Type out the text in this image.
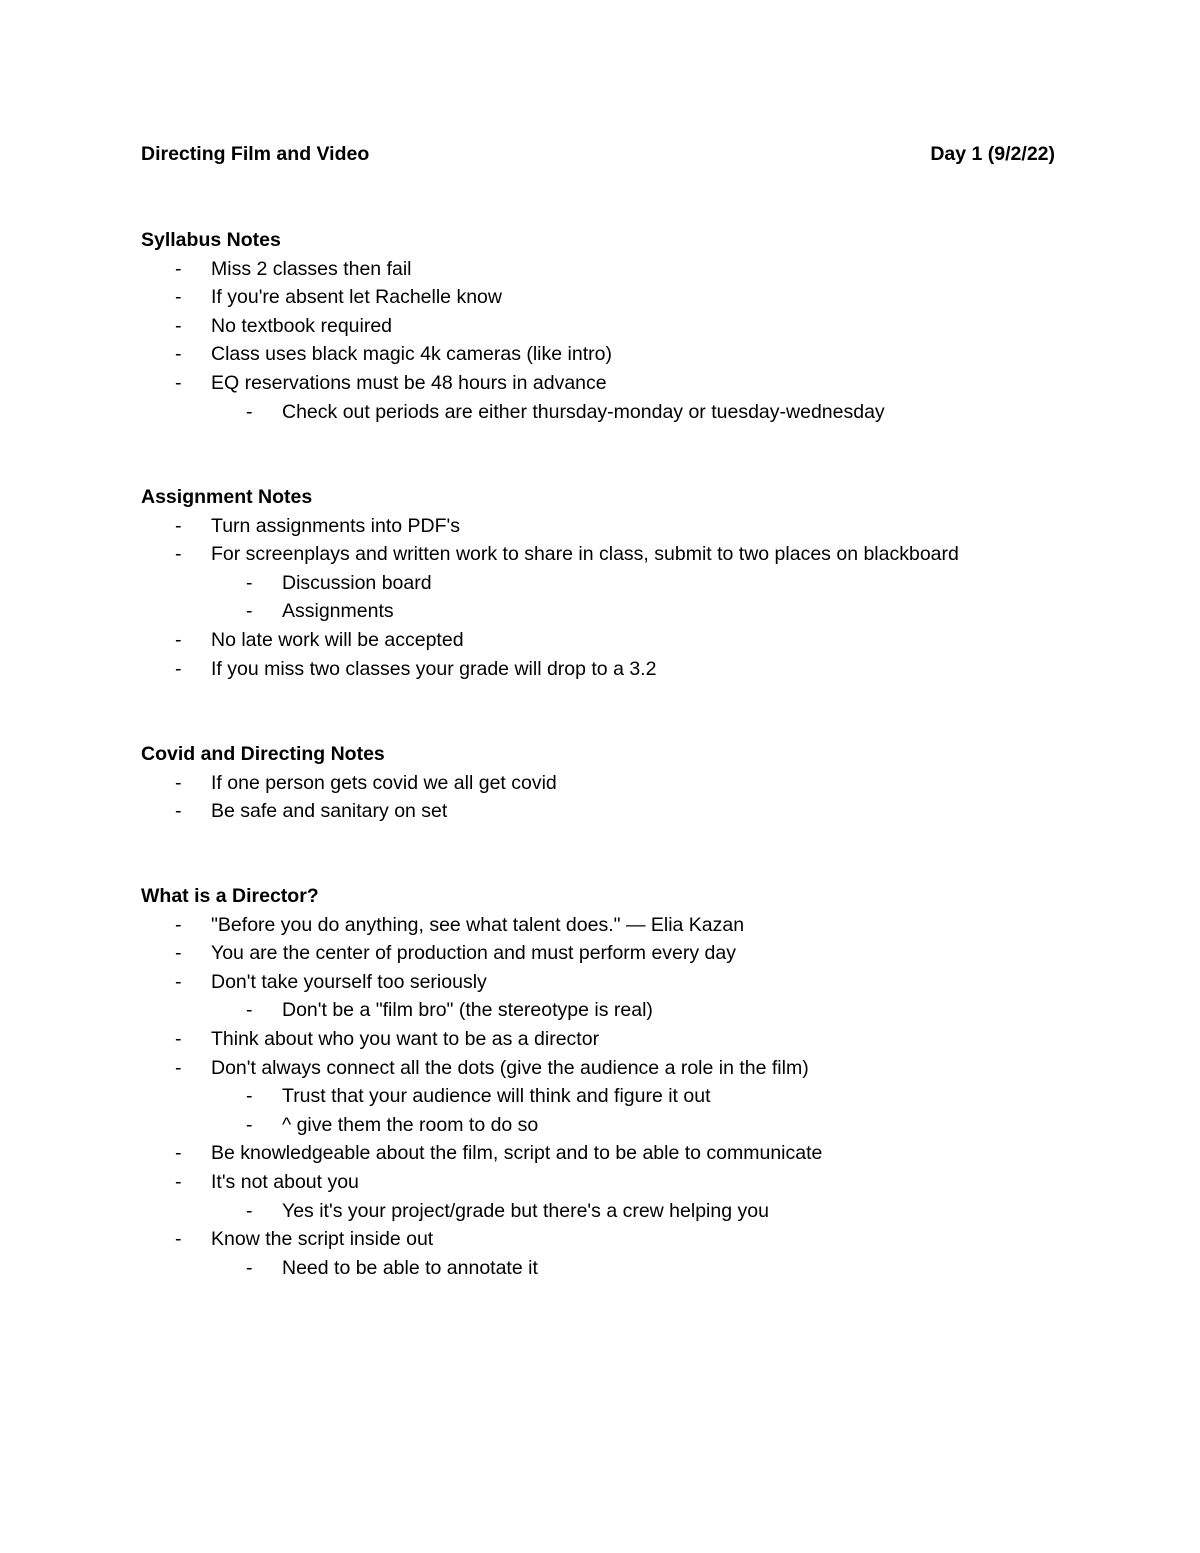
Directing Film and Video	Day 1 (9/2/22)
Syllabus Notes
- Miss 2 classes then fail
- If you're absent let Rachelle know
- No textbook required
- Class uses black magic 4k cameras (like intro)
- EQ reservations must be 48 hours in advance
- Check out periods are either thursday-monday or tuesday-wednesday
Assignment Notes
- Turn assignments into PDF's
- For screenplays and written work to share in class, submit to two places on blackboard
- Discussion board
- Assignments
- No late work will be accepted
- If you miss two classes your grade will drop to a 3.2
Covid and Directing Notes
- If one person gets covid we all get covid
- Be safe and sanitary on set
What is a Director?
- "Before you do anything, see what talent does." — Elia Kazan
- You are the center of production and must perform every day
- Don't take yourself too seriously
- Don't be a "film bro" (the stereotype is real)
- Think about who you want to be as a director
- Don't always connect all the dots (give the audience a role in the film)
- Trust that your audience will think and figure it out
- ^ give them the room to do so
- Be knowledgeable about the film, script and to be able to communicate
- It's not about you
- Yes it's your project/grade but there's a crew helping you
- Know the script inside out
- Need to be able to annotate it
